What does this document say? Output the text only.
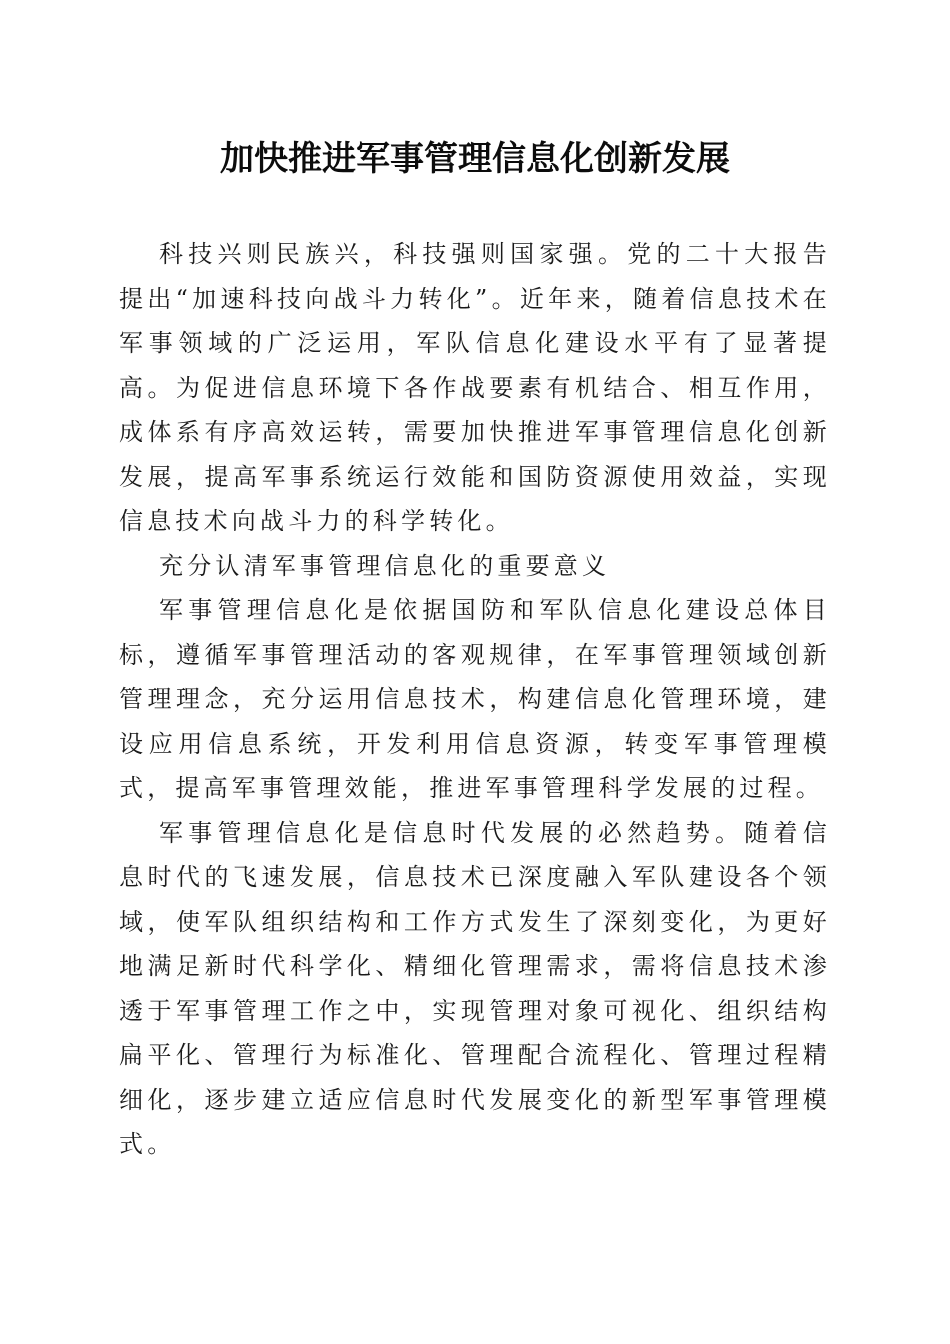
加快推进军事管理信息化创新发展

科技兴则民族兴，科技强则国家强。党的二十大报告提出“加速科技向战斗力转化”。近年来，随着信息技术在军事领域的广泛运用，军队信息化建设水平有了显著提高。为促进信息环境下各作战要素有机结合、相互作用，成体系有序高效运转，需要加快推进军事管理信息化创新发展，提高军事系统运行效能和国防资源使用效益，实现信息技术向战斗力的科学转化。

充分认清军事管理信息化的重要意义

军事管理信息化是依据国防和军队信息化建设总体目标，遵循军事管理活动的客观规律，在军事管理领域创新管理理念，充分运用信息技术，构建信息化管理环境，建设应用信息系统，开发利用信息资源，转变军事管理模式，提高军事管理效能，推进军事管理科学发展的过程。

军事管理信息化是信息时代发展的必然趋势。随着信息时代的飞速发展，信息技术已深度融入军队建设各个领域，使军队组织结构和工作方式发生了深刻变化，为更好地满足新时代科学化、精细化管理需求，需将信息技术渗透于军事管理工作之中，实现管理对象可视化、组织结构扁平化、管理行为标准化、管理配合流程化、管理过程精细化，逐步建立适应信息时代发展变化的新型军事管理模式。
